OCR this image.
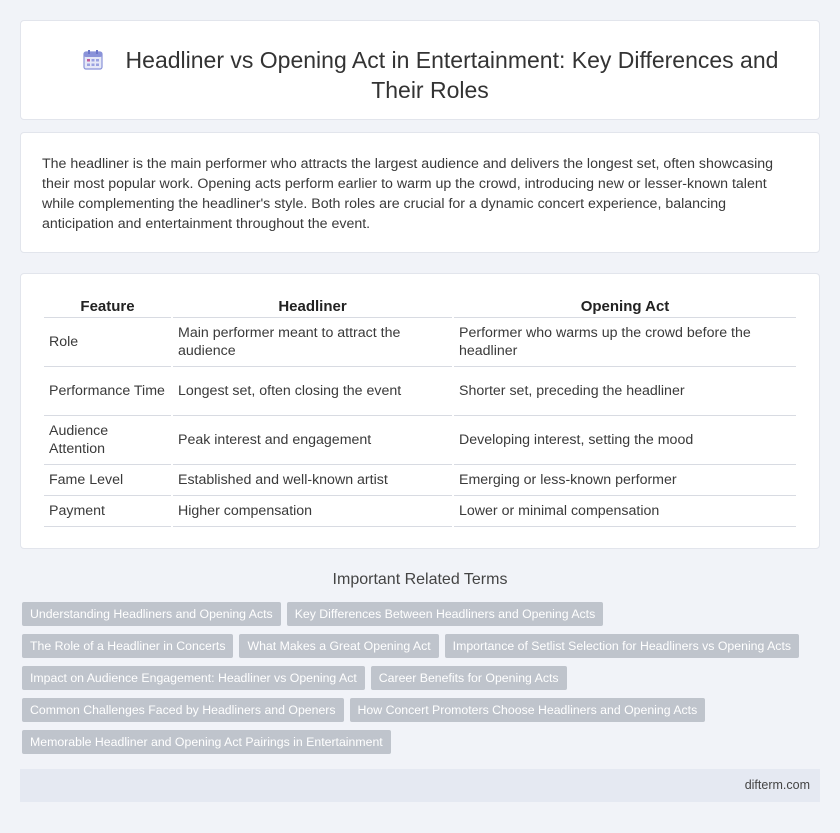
Headliner vs Opening Act in Entertainment: Key Differences and Their Roles

The headliner is the main performer who attracts the largest audience and delivers the longest set, often showcasing their most popular work. Opening acts perform earlier to warm up the crowd, introducing new or lesser-known talent while complementing the headliner's style. Both roles are crucial for a dynamic concert experience, balancing anticipation and entertainment throughout the event.

Feature	Headliner	Opening Act
Role	Main performer meant to attract the audience	Performer who warms up the crowd before the headliner
Performance Time	Longest set, often closing the event	Shorter set, preceding the headliner
Audience Attention	Peak interest and engagement	Developing interest, setting the mood
Fame Level	Established and well-known artist	Emerging or less-known performer
Payment	Higher compensation	Lower or minimal compensation
Important Related Terms
Understanding Headliners and Opening Acts	Key Differences Between Headliners and Opening Acts
The Role of a Headliner in Concerts	What Makes a Great Opening Act	Importance of Setlist Selection for Headliners vs Opening Acts
Impact on Audience Engagement: Headliner vs Opening Act	Career Benefits for Opening Acts
Common Challenges Faced by Headliners and Openers	How Concert Promoters Choose Headliners and Opening Acts
Memorable Headliner and Opening Act Pairings in Entertainment
difterm.com
